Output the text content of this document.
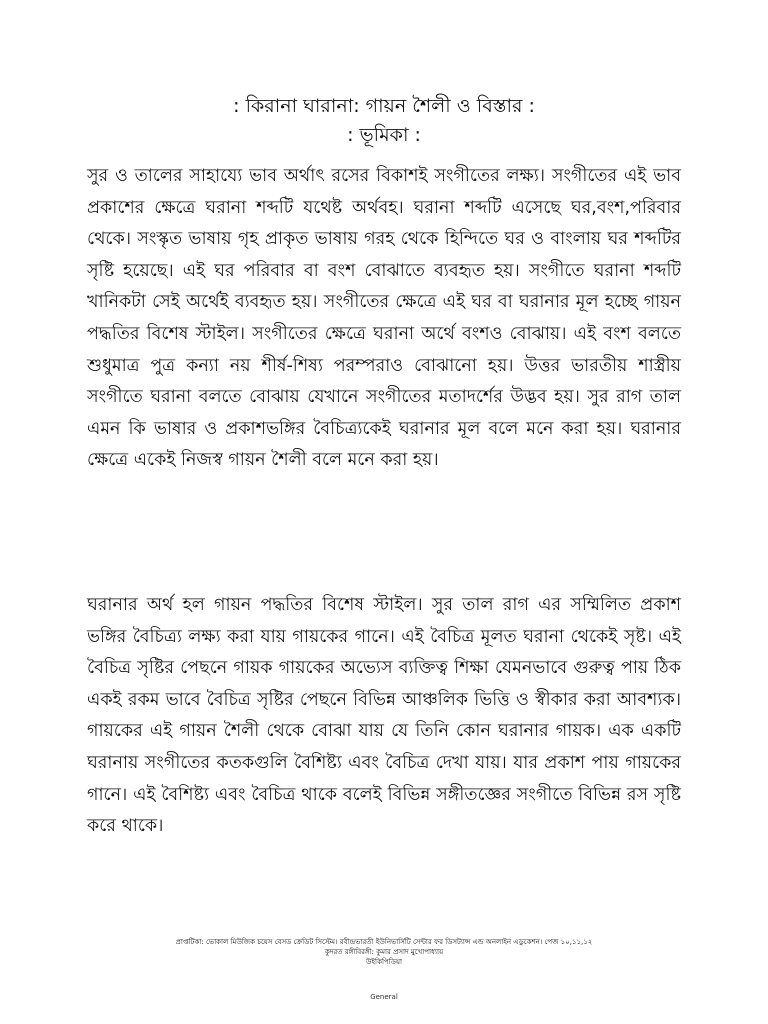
: কিরানা ঘারানা: গায়ন শৈলী ও বিস্তার :
: ভূমিকা :

সুর ও তালের সাহায্যে ভাব অর্থাৎ রসের বিকাশই সংগীতের লক্ষ্য। সংগীতের এই ভাব প্রকাশের ক্ষেত্রে ঘরানা শব্দটি যথেষ্ট অর্থবহ। ঘরানা শব্দটি এসেছে ঘর,বংশ,পরিবার থেকে। সংস্কৃত ভাষায় গৃহ প্রাকৃত ভাষায় গরহ থেকে হিন্দিতে ঘর ও বাংলায় ঘর শব্দটির সৃষ্টি হয়েছে। এই ঘর পরিবার বা বংশ বোঝাতে ব্যবহৃত হয়। সংগীতে ঘরানা শব্দটি খানিকটা সেই অর্থেই ব্যবহৃত হয়। সংগীতের ক্ষেত্রে এই ঘর বা ঘরানার মূল হচ্ছে গায়ন পদ্ধতির বিশেষ স্টাইল। সংগীতের ক্ষেত্রে ঘরানা অর্থে বংশও বোঝায়। এই বংশ বলতে শুধুমাত্র পুত্র কন্যা নয় শীর্ষ-শিষ্য পরম্পরাও বোঝানো হয়। উত্তর ভারতীয় শাস্ত্রীয় সংগীতে ঘরানা বলতে বোঝায় যেখানে সংগীতের মতাদর্শের উদ্ভব হয়। সুর রাগ তাল এমন কি ভাষার ও প্রকাশভঙ্গির বৈচিত্র্যকেই ঘরানার মূল বলে মনে করা হয়। ঘরানার ক্ষেত্রে একেই নিজস্ব গায়ন শৈলী বলে মনে করা হয়।

ঘরানার অর্থ হল গায়ন পদ্ধতির বিশেষ স্টাইল। সুর তাল রাগ এর সম্মিলিত প্রকাশ ভঙ্গির বৈচিত্র্য লক্ষ্য করা যায় গায়কের গানে। এই বৈচিত্র মূলত ঘরানা থেকেই সৃষ্ট। এই বৈচিত্র সৃষ্টির পেছনে গায়ক গায়কের অভ্যেস ব্যক্তিত্ব শিক্ষা যেমনভাবে গুরুত্ব পায় ঠিক একই রকম ভাবে বৈচিত্র সৃষ্টির পেছনে বিভিন্ন আঞ্চলিক ভিত্তি ও স্বীকার করা আবশ্যক। গায়কের এই গায়ন শৈলী থেকে বোঝা যায় যে তিনি কোন ঘরানার গায়ক। এক একটি ঘরানায় সংগীতের কতকগুলি বৈশিষ্ট্য এবং বৈচিত্র দেখা যায়। যার প্রকাশ পায় গায়কের গানে। এই বৈশিষ্ট্য এবং বৈচিত্র থাকে বলেই বিভিন্ন সঙ্গীতজ্ঞের সংগীতে বিভিন্ন রস সৃষ্টি করে থাকে।

প্রাপ্তটিকা: ভোকাল মিউজিক চয়েস বেসড ক্রেডিট সিস্টেম। রবীন্দ্রভারতী ইউনিভার্সিটি সেন্টার ফর ডিসট্যান্স এন্ড অনলাইন এডুকেশন। পেজ ১০,১১,১২
কুদরত রঙ্গীবিরঙ্গী: কুমার প্রসাদ মুখোপাধ্যায়
উইকিপিডিয়া
General
